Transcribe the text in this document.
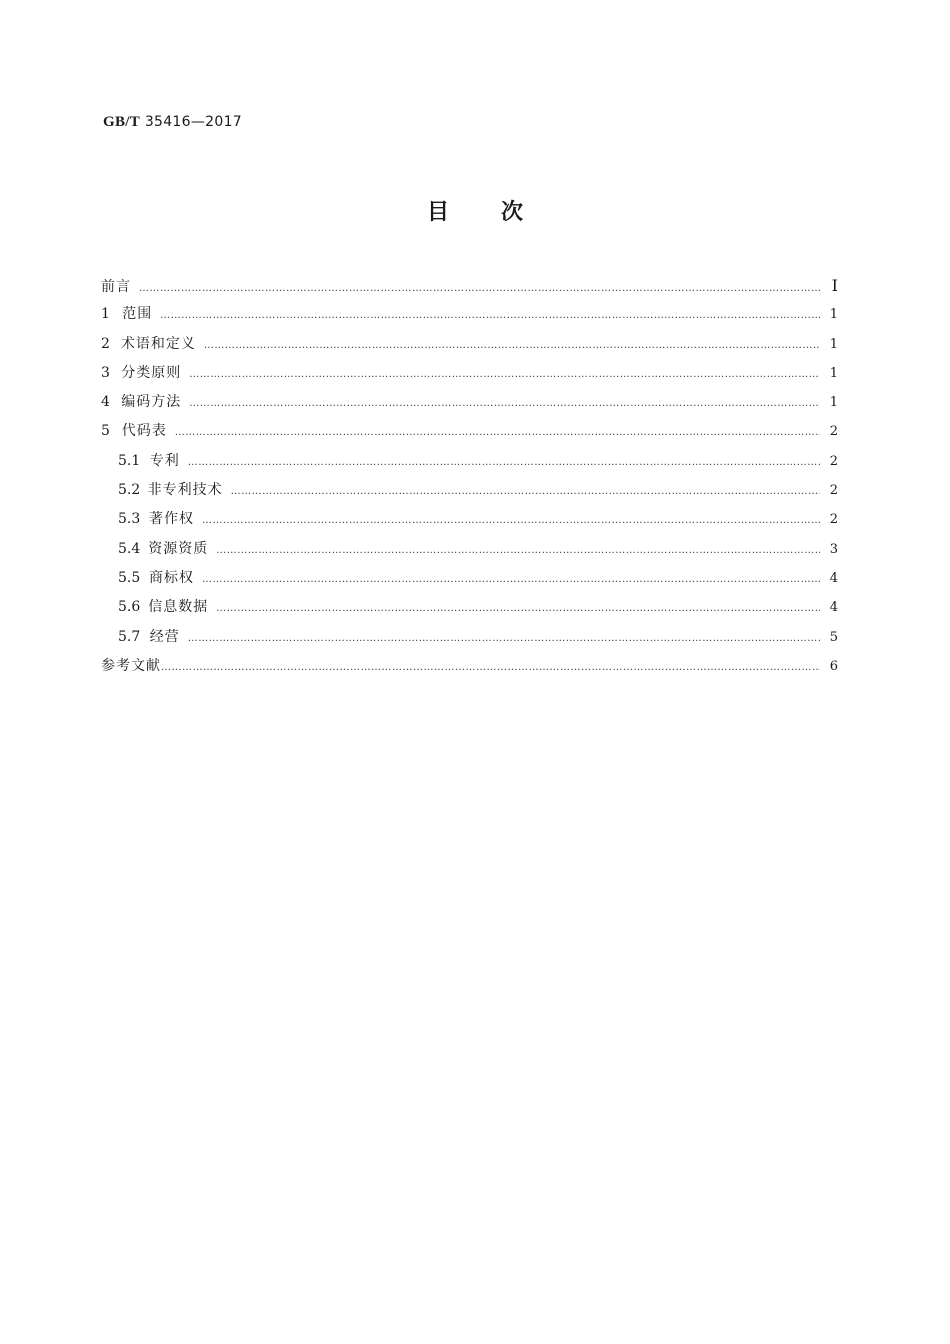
GB/T 35416—2017
目次
前言 ……………………………………………………………………………………………………………………………………………………………………………………………………	I
1 范围 ……………………………………………………………………………………………………………………………………………………………………………………………………	1
2 术语和定义 ……………………………………………………………………………………………………………………………………………………………………………………………………	1
3 分类原则 ……………………………………………………………………………………………………………………………………………………………………………………………………	1
4 编码方法 ……………………………………………………………………………………………………………………………………………………………………………………………………	1
5 代码表 ……………………………………………………………………………………………………………………………………………………………………………………………………	2
5.1 专利 ……………………………………………………………………………………………………………………………………………………………………………………………………	2
5.2 非专利技术 ……………………………………………………………………………………………………………………………………………………………………………………………………	2
5.3 著作权 ……………………………………………………………………………………………………………………………………………………………………………………………………	2
5.4 资源资质 ……………………………………………………………………………………………………………………………………………………………………………………………………	3
5.5 商标权 ……………………………………………………………………………………………………………………………………………………………………………………………………	4
5.6 信息数据 ……………………………………………………………………………………………………………………………………………………………………………………………………	4
5.7 经营 ……………………………………………………………………………………………………………………………………………………………………………………………………	5
参考文献 ……………………………………………………………………………………………………………………………………………………………………………………………………	6
